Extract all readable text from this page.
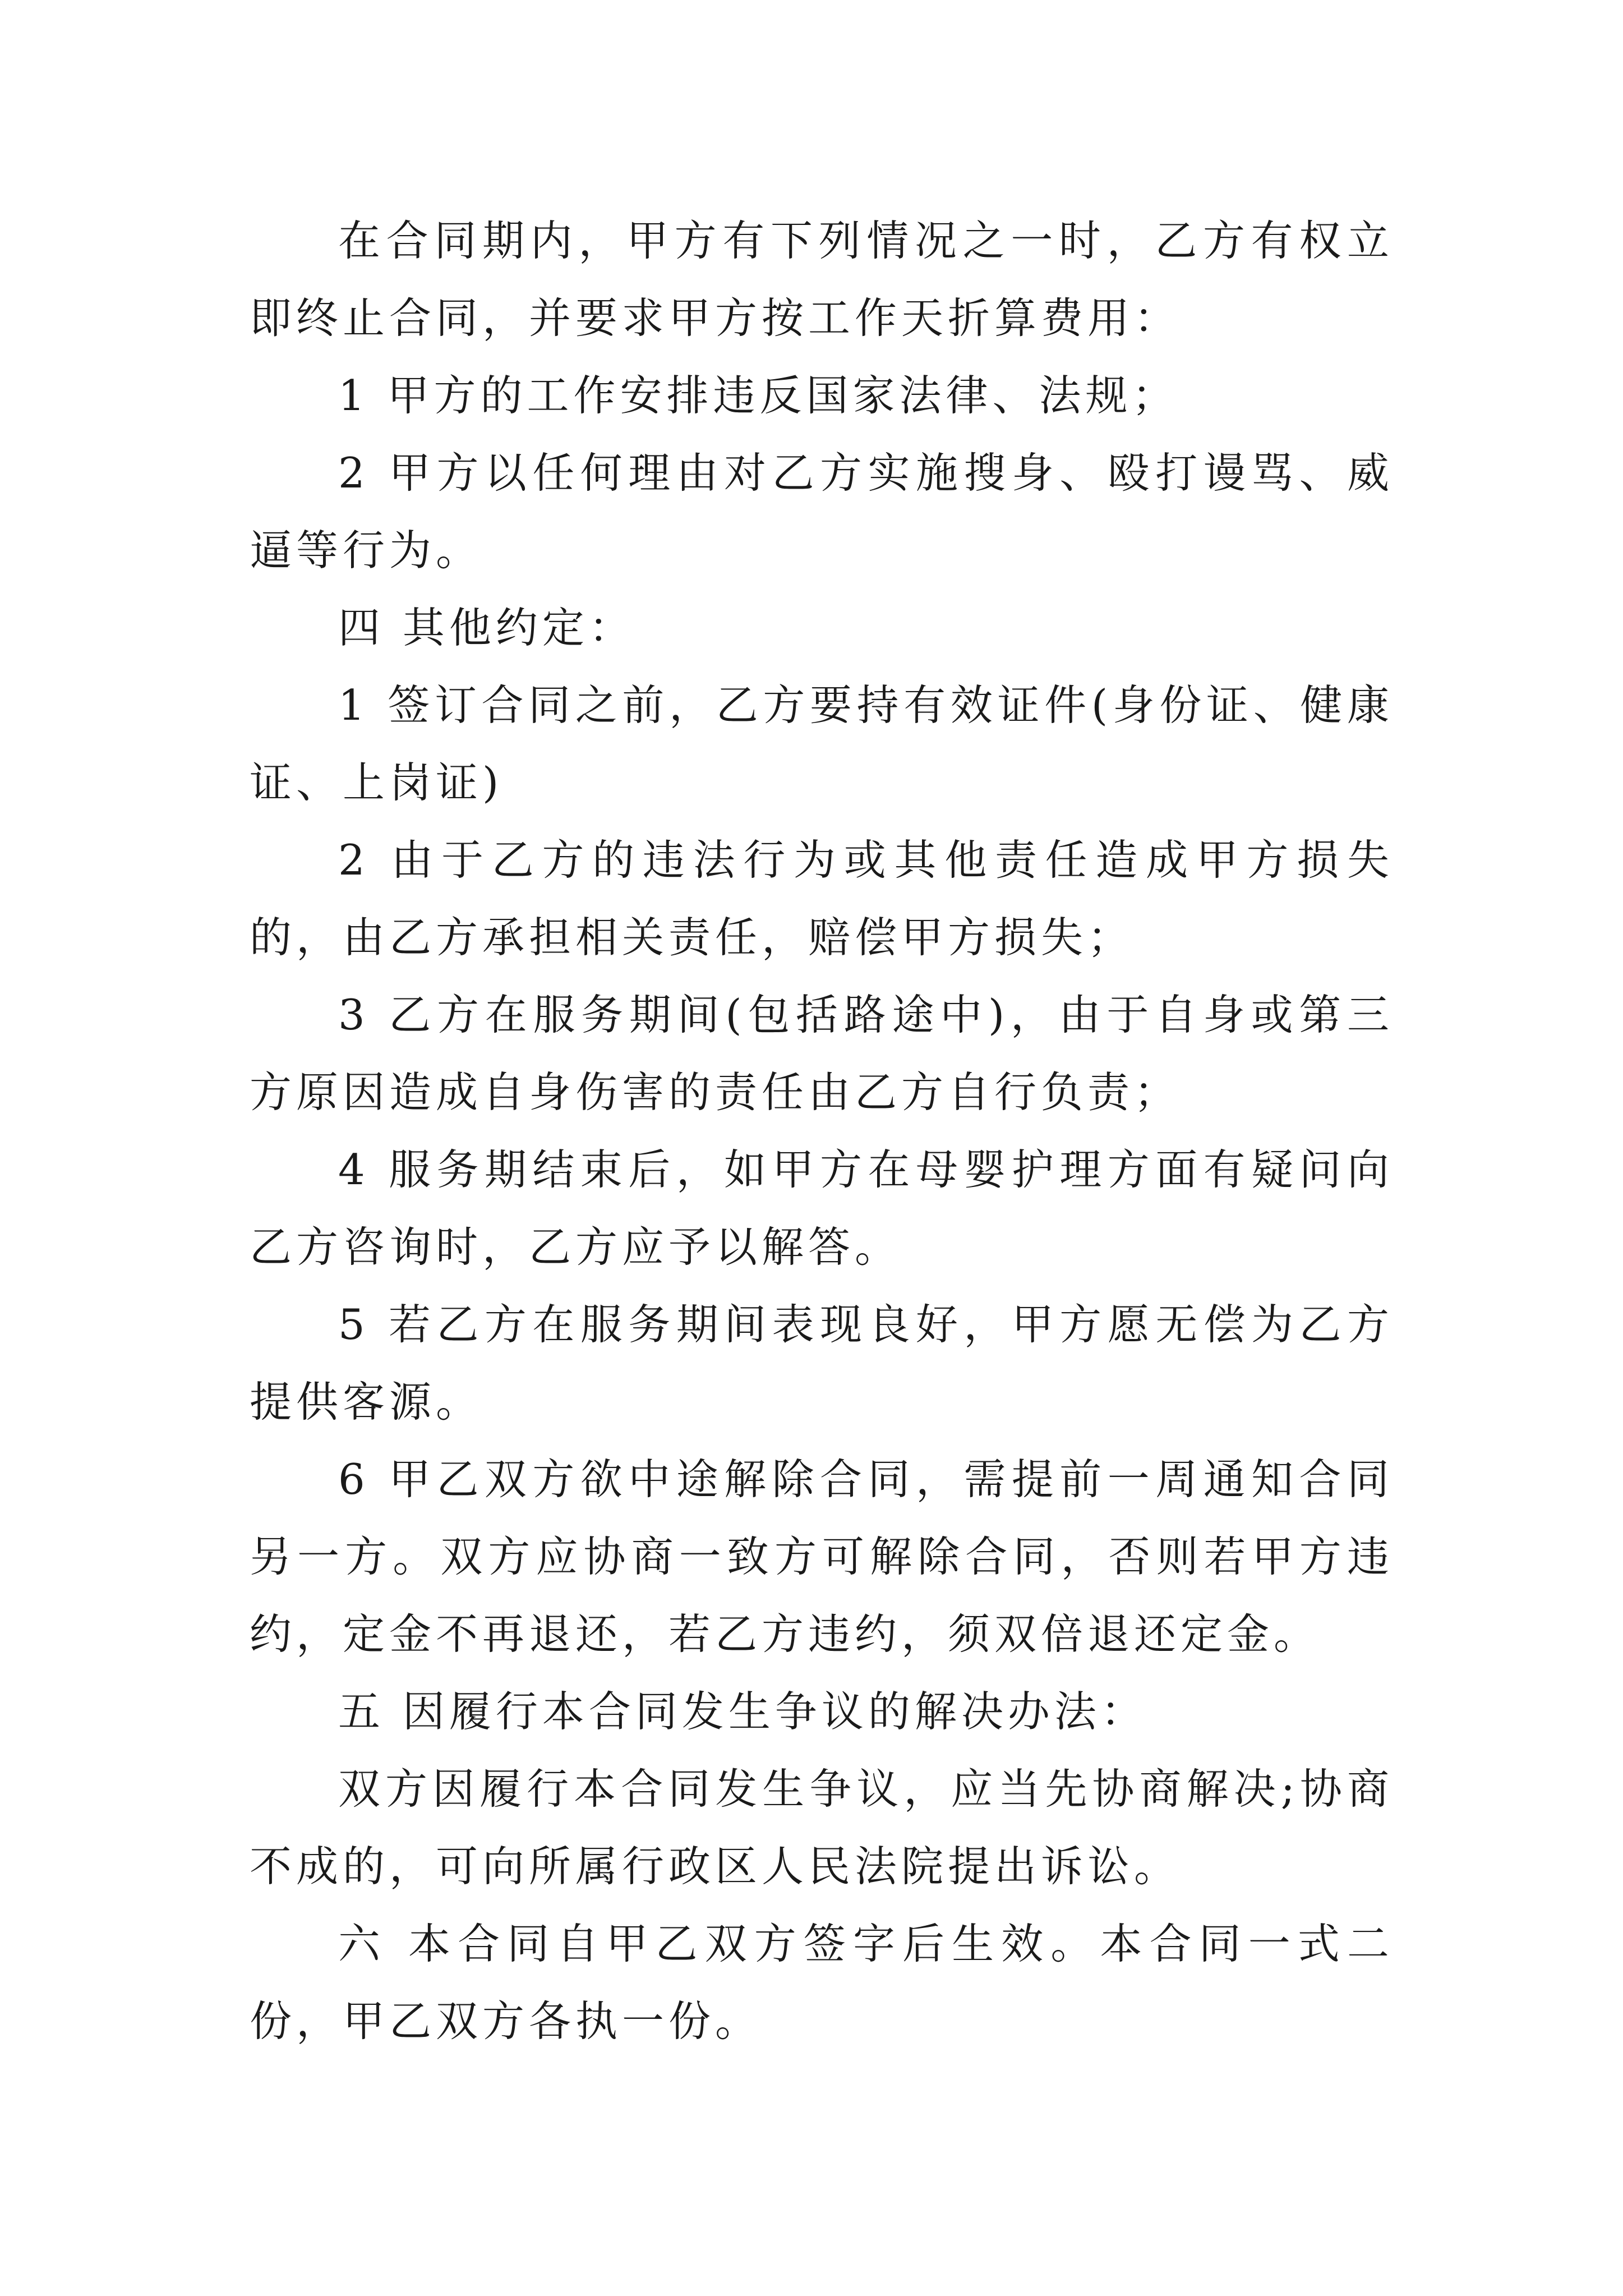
在合同期内，甲方有下列情况之一时，乙方有权立即终止合同，并要求甲方按工作天折算费用：

1 甲方的工作安排违反国家法律、法规；

2 甲方以任何理由对乙方实施搜身、殴打谩骂、威逼等行为。

四 其他约定：

1 签订合同之前，乙方要持有效证件(身份证、健康证、上岗证)

2 由于乙方的违法行为或其他责任造成甲方损失的，由乙方承担相关责任，赔偿甲方损失；

3 乙方在服务期间(包括路途中)，由于自身或第三方原因造成自身伤害的责任由乙方自行负责；

4 服务期结束后，如甲方在母婴护理方面有疑问向乙方咨询时，乙方应予以解答。

5 若乙方在服务期间表现良好，甲方愿无偿为乙方提供客源。

6 甲乙双方欲中途解除合同，需提前一周通知合同另一方。双方应协商一致方可解除合同，否则若甲方违约，定金不再退还，若乙方违约，须双倍退还定金。

五 因履行本合同发生争议的解决办法：

双方因履行本合同发生争议，应当先协商解决;协商不成的，可向所属行政区人民法院提出诉讼。

六 本合同自甲乙双方签字后生效。本合同一式二份，甲乙双方各执一份。
